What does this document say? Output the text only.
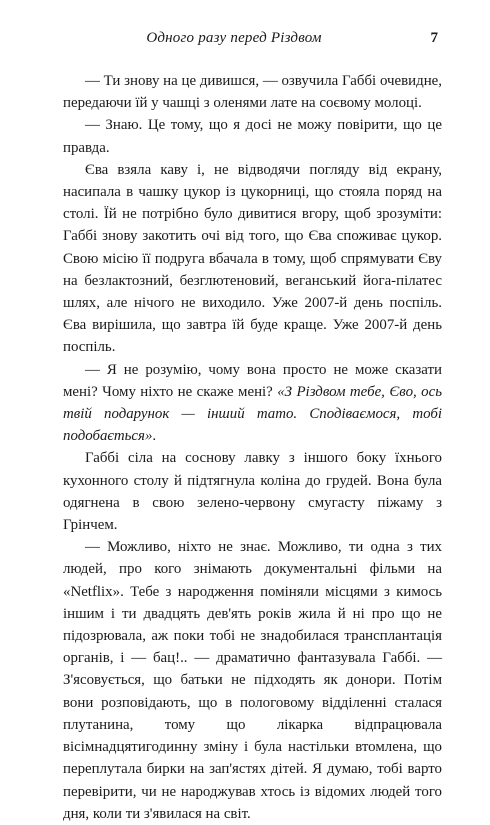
Одного разу перед Різдвом	7

— Ти знову на це дивишся, — озвучила Габбі очевидне, передаючи їй у чашці з оленями лате на соєвому молоці.

— Знаю. Це тому, що я досі не можу повірити, що це правда.

Єва взяла каву і, не відводячи погляду від екрану, насипала в чашку цукор із цукорниці, що стояла поряд на столі. Їй не потрібно було дивитися вгору, щоб зрозуміти: Габбі знову закотить очі від того, що Єва споживає цукор. Свою місію її подруга вбачала в тому, щоб спрямувати Єву на безлактозний, безглютеновий, веганський йога-пілатес шлях, але нічого не виходило. Уже 2007-й день поспіль. Єва вирішила, що завтра їй буде краще. Уже 2007-й день поспіль.

— Я не розумію, чому вона просто не може сказати мені? Чому ніхто не скаже мені? «З Різдвом тебе, Єво, ось твій подарунок — інший тато. Сподіваємося, тобі подобається».

Габбі сіла на соснову лавку з іншого боку їхнього кухонного столу й підтягнула коліна до грудей. Вона була одягнена в свою зелено-червону смугасту піжаму з Грінчем.

— Можливо, ніхто не знає. Можливо, ти одна з тих людей, про кого знімають документальні фільми на «Netflix». Тебе з народження поміняли місцями з кимось іншим і ти двадцять дев'ять років жила й ні про що не підозрювала, аж поки тобі не знадобилася трансплантація органів, і — бац!.. — драматично фантазувала Габбі. — З'ясовується, що батьки не підходять як донори. Потім вони розповідають, що в пологовому відділенні сталася плутанина, тому що лікарка відпрацювала вісімнадцятигодинну зміну і була настільки втомлена, що переплутала бирки на зап'ястях дітей. Я думаю, тобі варто перевірити, чи не народжував хтось із відомих людей того дня, коли ти з'явилася на світ.
